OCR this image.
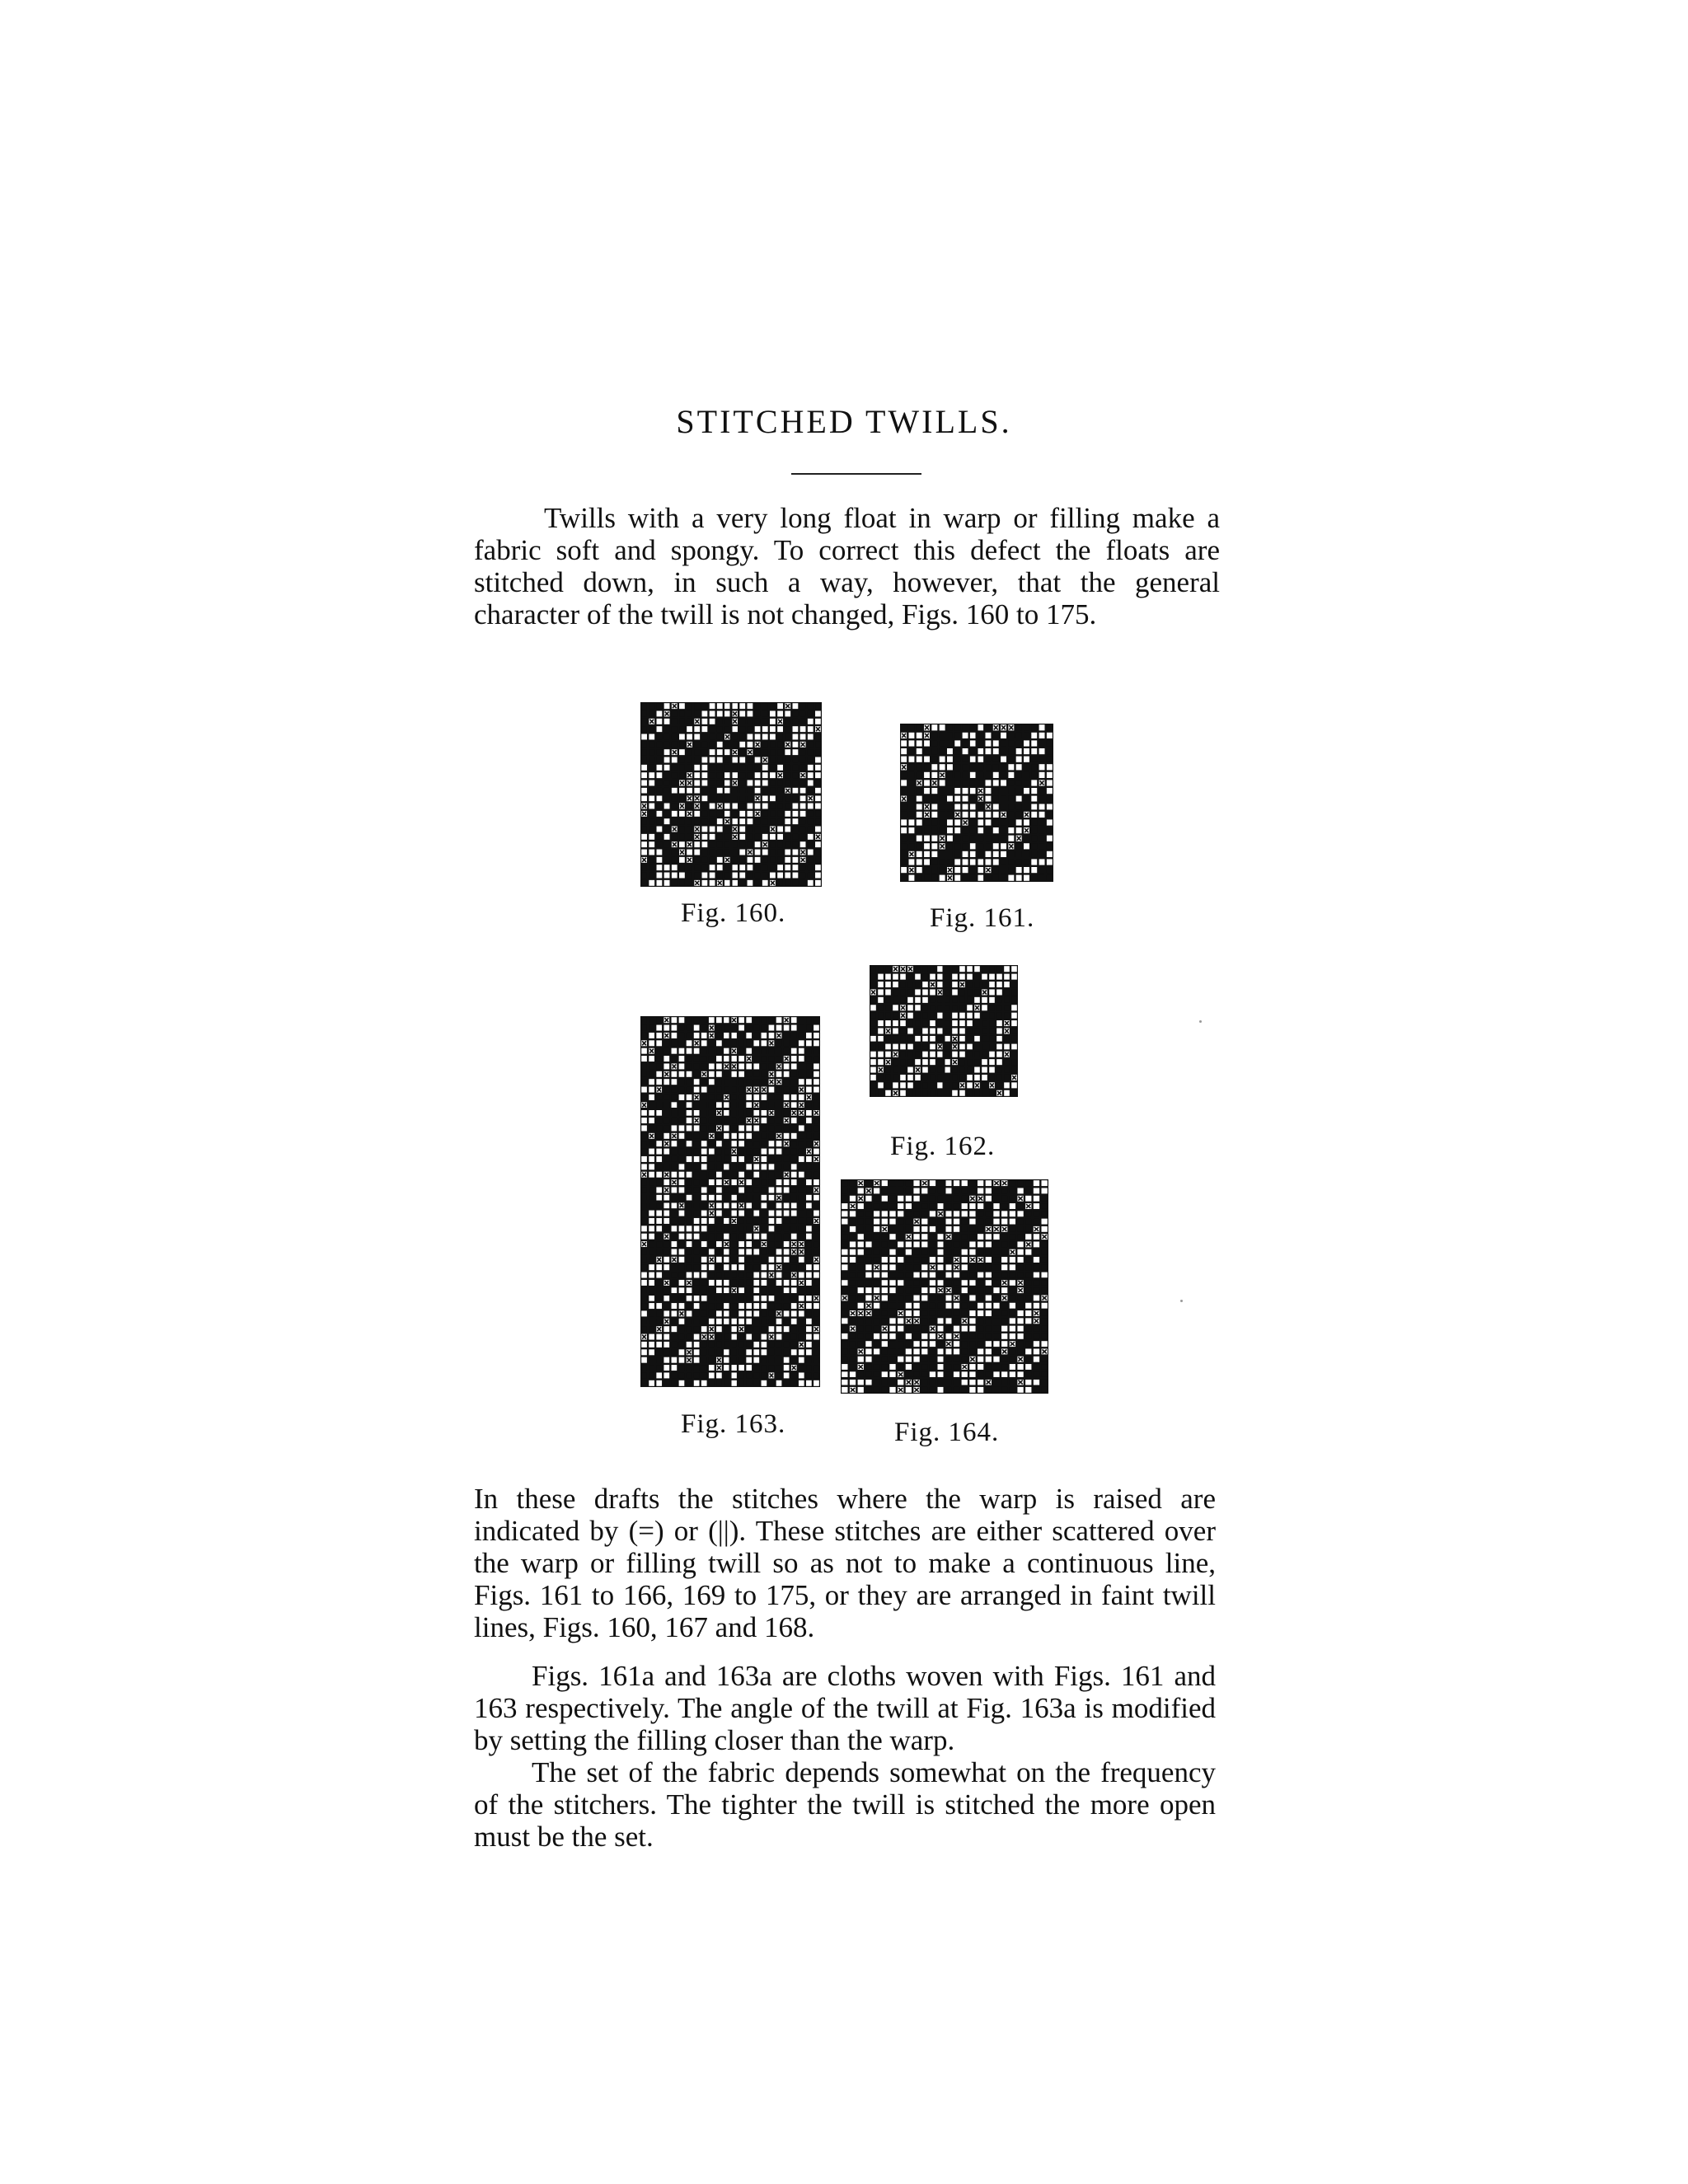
STITCHED TWILLS.

Twills with a very long float in warp or filling make a fabric soft and spongy. To correct this defect the floats are stitched down, in such a way, however, that the general character of the twill is not changed, Figs. 160 to 175.

Fig. 160.	Fig. 161.
Fig. 162.
Fig. 163.	Fig. 164.

In these drafts the stitches where the warp is raised are indicated by (=) or (||). These stitches are either scattered over the warp or filling twill so as not to make a continuous line, Figs. 161 to 166, 169 to 175, or they are arranged in faint twill lines, Figs. 160, 167 and 168.

Figs. 161a and 163a are cloths woven with Figs. 161 and 163 respectively. The angle of the twill at Fig. 163a is modified by setting the filling closer than the warp.

The set of the fabric depends somewhat on the frequency of the stitchers. The tighter the twill is stitched the more open must be the set.
